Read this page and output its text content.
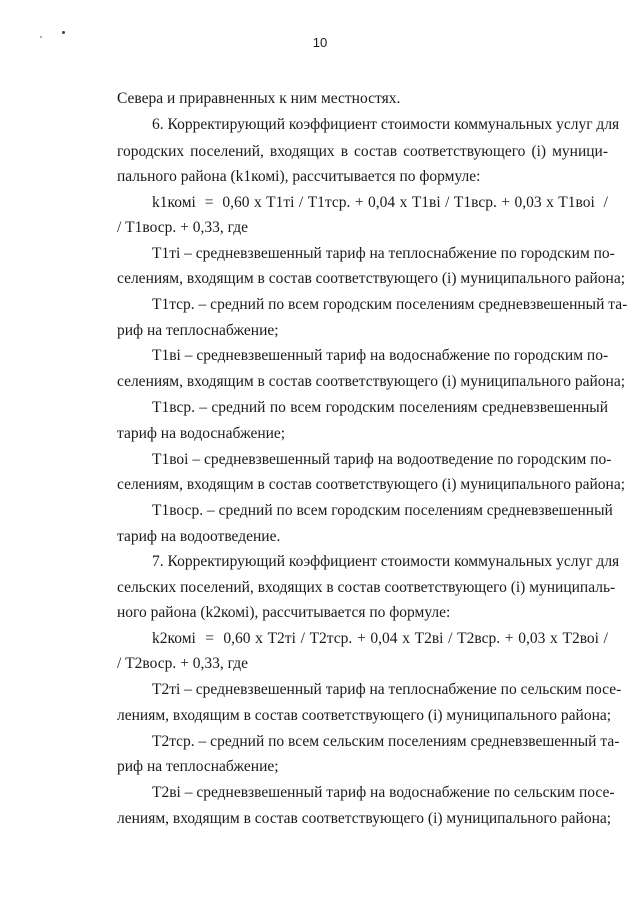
10
Севера и приравненных к ним местностях.
6. Корректирующий коэффициент стоимости коммунальных услуг для
городских поселений, входящих в состав соответствующего (i) муници-
пального района (k1комi), рассчитывается по формуле:
k1комi  =  0,60 x Т1тi / Т1тср. + 0,04 x Т1вi / Т1вср. + 0,03 x Т1воi  /
/ Т1воср. + 0,33, где
Т1тi – средневзвешенный тариф на теплоснабжение по городским по-
селениям, входящим в состав соответствующего (i) муниципального района;
Т1тср. – средний по всем городским поселениям средневзвешенный та-
риф на теплоснабжение;
Т1вi – средневзвешенный тариф на водоснабжение по городским по-
селениям, входящим в состав соответствующего (i) муниципального района;
Т1вср. – средний по всем городским поселениям средневзвешенный
тариф на водоснабжение;
Т1воi – средневзвешенный тариф на водоотведение по городским по-
селениям, входящим в состав соответствующего (i) муниципального района;
Т1воср. – средний по всем городским поселениям средневзвешенный
тариф на водоотведение.
7. Корректирующий коэффициент стоимости коммунальных услуг для
сельских поселений, входящих в состав соответствующего (i) муниципаль-
ного района (k2комi), рассчитывается по формуле:
k2комi  =  0,60 x Т2тi / Т2тср. + 0,04 x Т2вi / Т2вср. + 0,03 x Т2воi /
/ Т2воср. + 0,33, где
Т2тi – средневзвешенный тариф на теплоснабжение по сельским посе-
лениям, входящим в состав соответствующего (i) муниципального района;
Т2тср. – средний по всем сельским поселениям средневзвешенный та-
риф на теплоснабжение;
Т2вi – средневзвешенный тариф на водоснабжение по сельским посе-
лениям, входящим в состав соответствующего (i) муниципального района;
